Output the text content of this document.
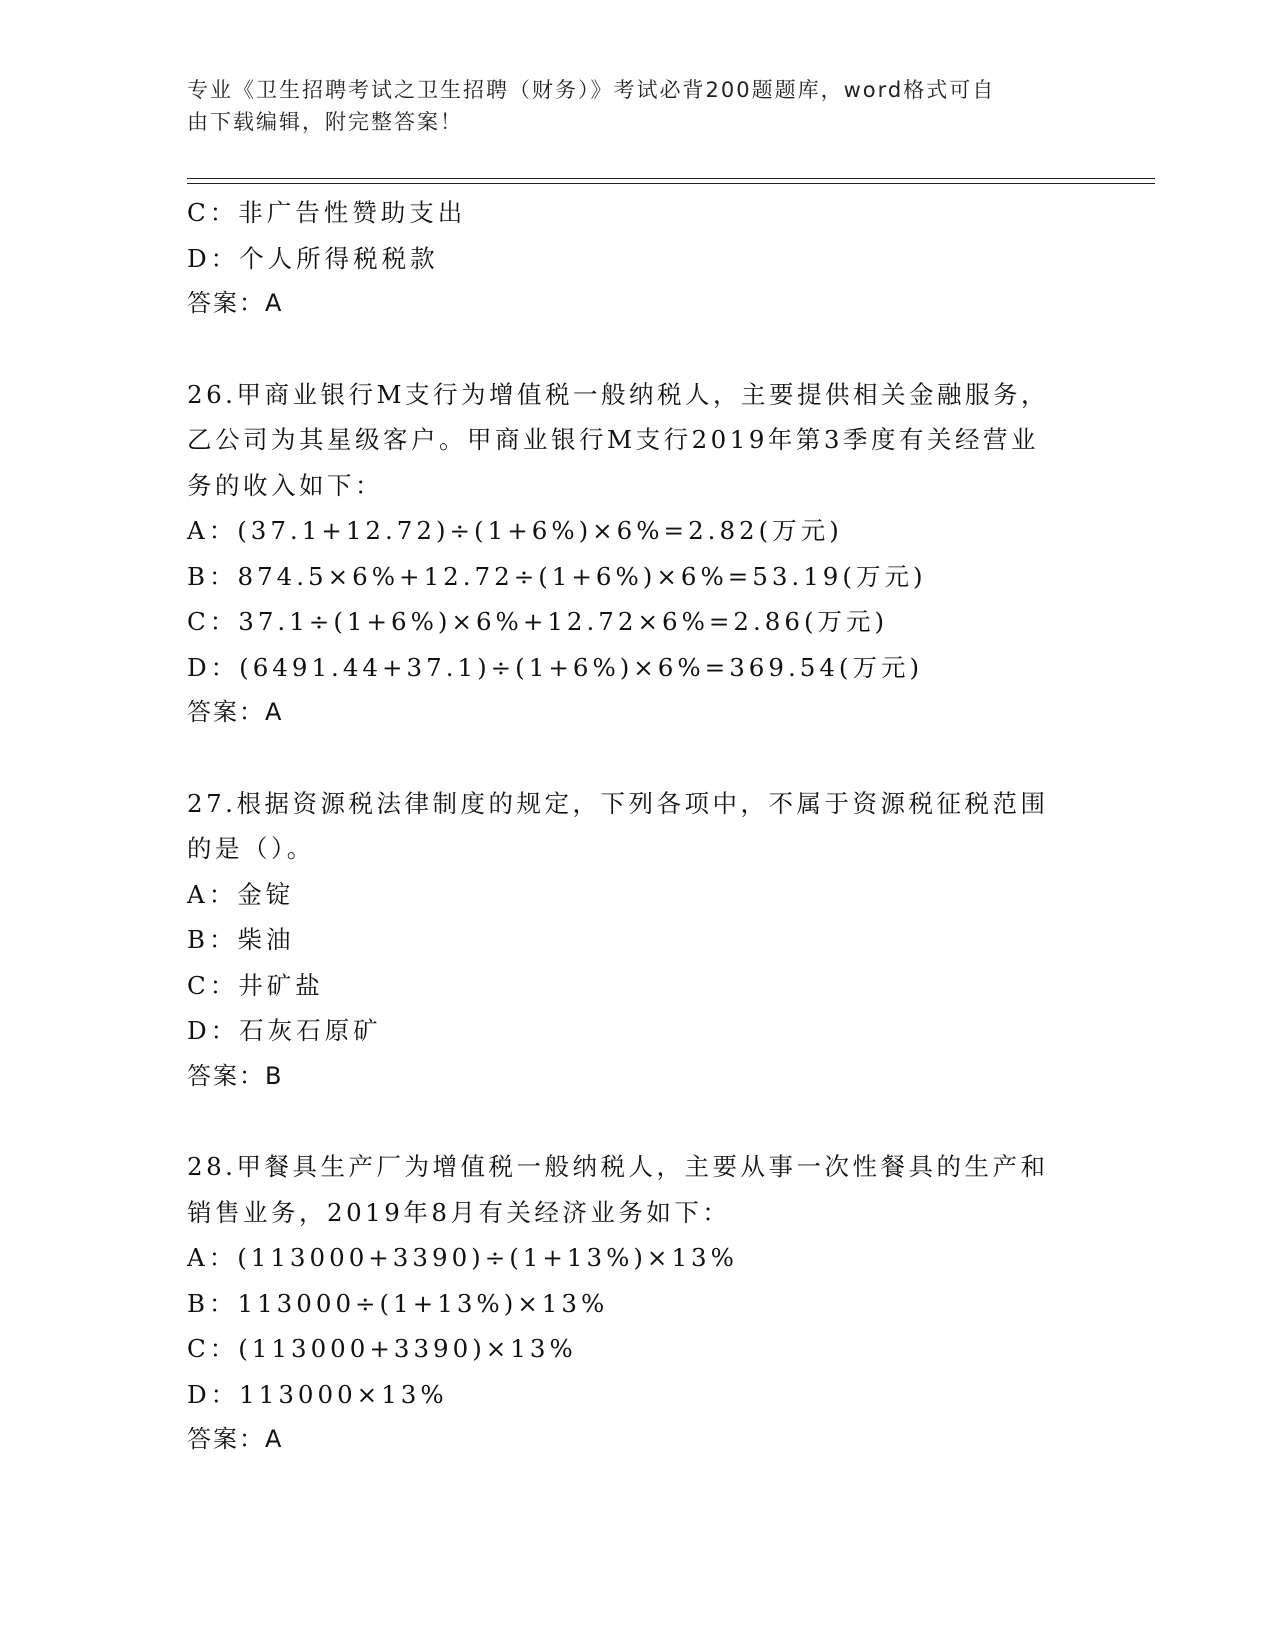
专业《卫生招聘考试之卫生招聘（财务）》考试必背200题题库，word格式可自
由下载编辑，附完整答案！
C：非广告性赞助支出
D：个人所得税税款
答案：A
26.甲商业银行M支行为增值税一般纳税人，主要提供相关金融服务，
乙公司为其星级客户。甲商业银行M支行2019年第3季度有关经营业
务的收入如下：
A：(37.1+12.72)÷(1+6%)×6%=2.82(万元)
B：874.5×6%+12.72÷(1+6%)×6%=53.19(万元)
C：37.1÷(1+6%)×6%+12.72×6%=2.86(万元)
D：(6491.44+37.1)÷(1+6%)×6%=369.54(万元)
答案：A
27.根据资源税法律制度的规定，下列各项中，不属于资源税征税范围
的是（）。
A：金锭
B：柴油
C：井矿盐
D：石灰石原矿
答案：B
28.甲餐具生产厂为增值税一般纳税人，主要从事一次性餐具的生产和
销售业务，2019年8月有关经济业务如下：
A：(113000+3390)÷(1+13%)×13%
B：113000÷(1+13%)×13%
C：(113000+3390)×13%
D：113000×13%
答案：A
